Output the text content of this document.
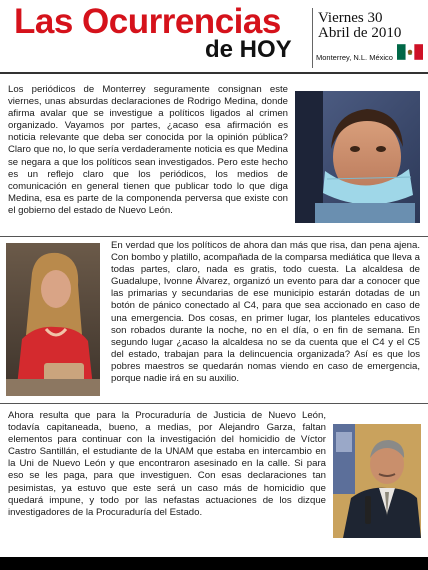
Las Ocurrencias
de HOY
Viernes 30
Abril de 2010
Monterrey, N.L. México

Los periódicos de Monterrey seguramente consignan este viernes, unas absurdas declaraciones de Rodrigo Medina, donde afirma avalar que se investigue a políticos ligados al crimen organizado. Vayamos por partes, ¿acaso esa afirmación es noticia relevante que deba ser conocida por la opinión pública? Claro que no, lo que sería verdaderamente noticia es que Medina se negara a que los políticos sean investigados. Pero este hecho es un reflejo claro que los periódicos, los medios de comunicación en general tienen que publicar todo lo que diga Medina, esa es parte de la componenda perversa que existe con el gobierno del estado de Nuevo León.

En verdad que los políticos de ahora dan más que risa, dan pena ajena. Con bombo y platillo, acompañada de la comparsa mediática que lleva a todas partes, claro, nada es gratis, todo cuesta. La alcaldesa de Guadalupe, Ivonne Álvarez, organizó un evento para dar a conocer que las primarias y secundarias de ese municipio estarán dotadas de un botón de pánico conectado al C4, para que sea accionado en caso de una emergencia. Dos cosas, en primer lugar, los planteles educativos son robados durante la noche, no en el día, o en fin de semana. En segundo lugar ¿acaso la alcaldesa no se da cuenta que el C4 y el C5 del estado, trabajan para la delincuencia organizada? Así es que los pobres maestros se quedarán nomas viendo en caso de emergencia, porque nadie irá en su auxilio.

Ahora resulta que para la Procuraduría de Justicia de Nuevo León, todavía capitaneada, bueno, a medias, por Alejandro Garza, faltan elementos para continuar con la investigación del homicidio de Víctor Castro Santillán, el estudiante de la UNAM que estaba en intercambio en la Uni de Nuevo León y que encontraron asesinado en la calle. Si para eso se les paga, para que investiguen. Con esas declaraciones tan pesimistas, ya estuvo que este será un caso más de homicidio que quedará impune, y todo por las nefastas actuaciones de los dizque investigadores de la Procuraduría del Estado.
